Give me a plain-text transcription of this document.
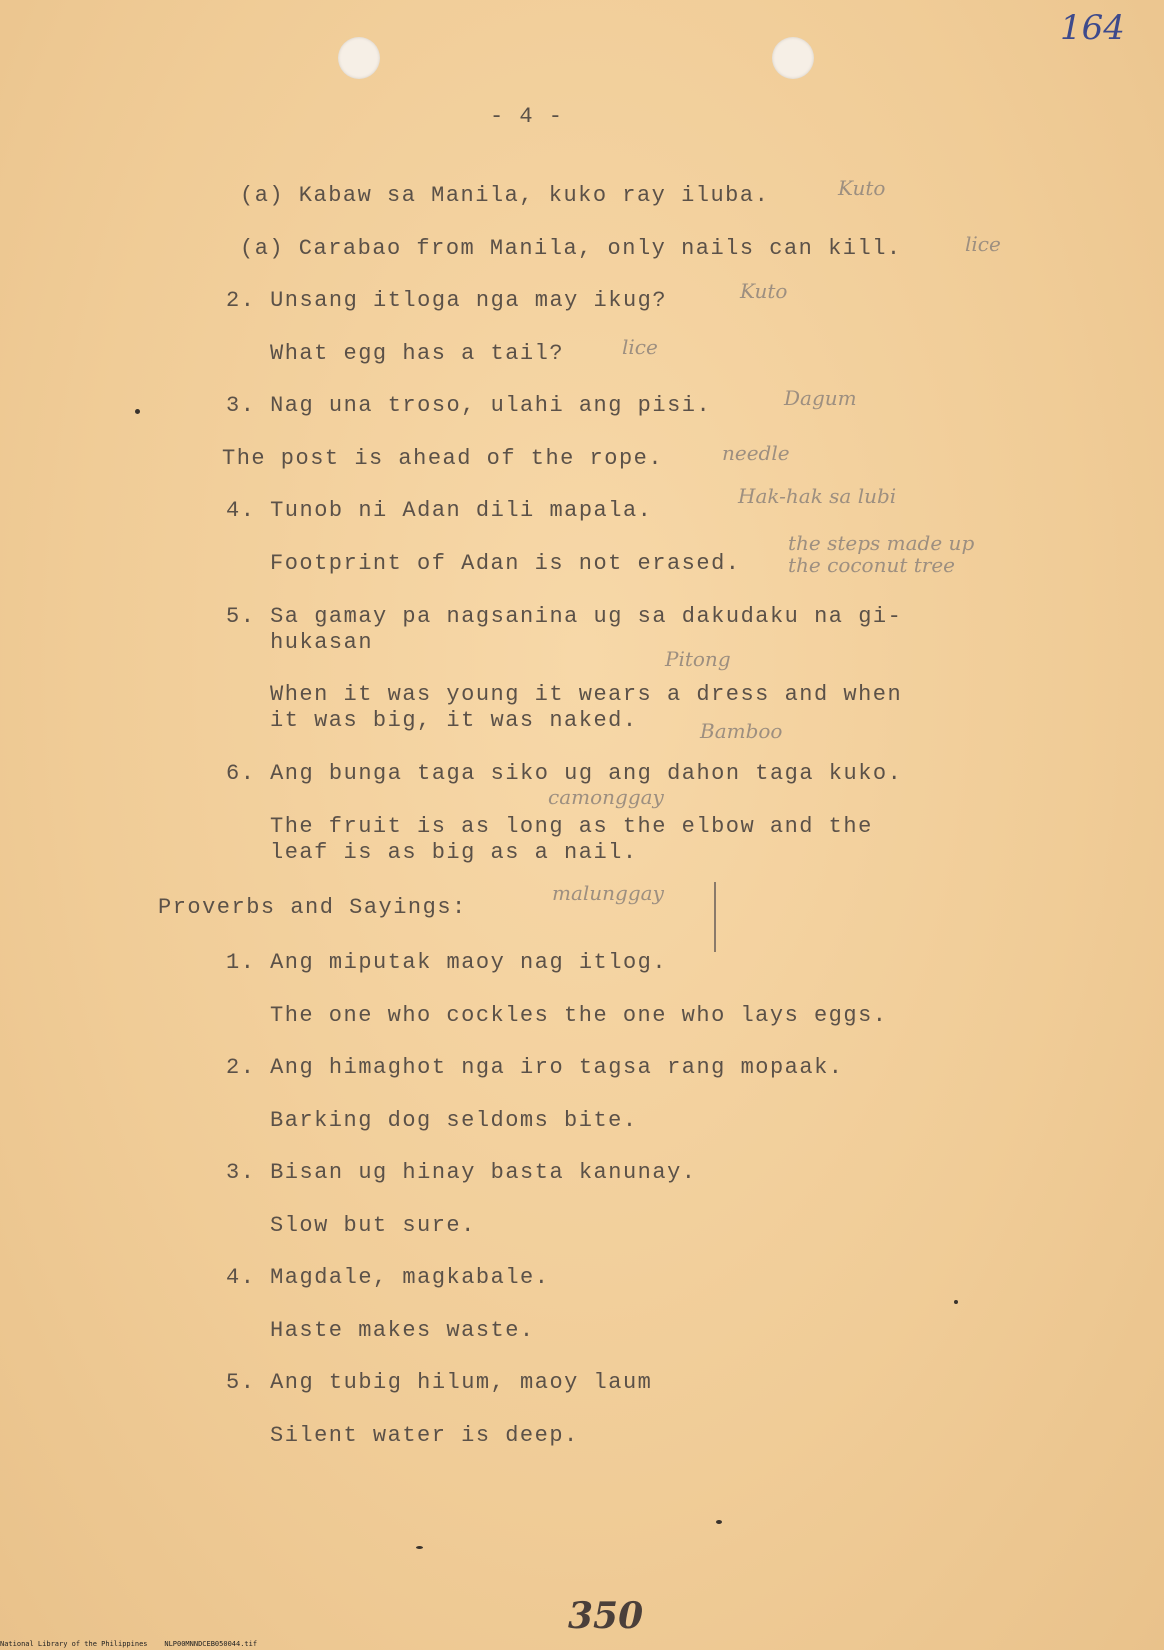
164
- 4 -
(a) Kabaw sa Manila, kuko ray iluba.	Kuto
(a) Carabao from Manila, only nails can kill.	lice
2. Unsang itloga nga may ikug?	Kuto
What egg has a tail?	lice
3. Nag una troso, ulahi ang pisi.	Dagum
The post is ahead of the rope.	needle
4. Tunob ni Adan dili mapala.
Hak-hak sa lubi
Footprint of Adan is not erased.
the steps made up
the coconut tree
5. Sa gamay pa nagsanina ug sa dakudaku na gi-
hukasan
Pitong
When it was young it wears a dress and when
it was big, it was naked.	Bamboo
6. Ang bunga taga siko ug ang dahon taga kuko.
camonggay
The fruit is as long as the elbow and the
leaf is as big as a nail.
malunggay
Proverbs and Sayings:
1. Ang miputak maoy nag itlog.
The one who cockles the one who lays eggs.
2. Ang himaghot nga iro tagsa rang mopaak.
Barking dog seldoms bite.
3. Bisan ug hinay basta kanunay.
Slow but sure.
4. Magdale, magkabale.
Haste makes waste.
5. Ang tubig hilum, maoy laum
Silent water is deep.
350
National Library of the Philippines    NLP00MNNDCEB050044.tif
